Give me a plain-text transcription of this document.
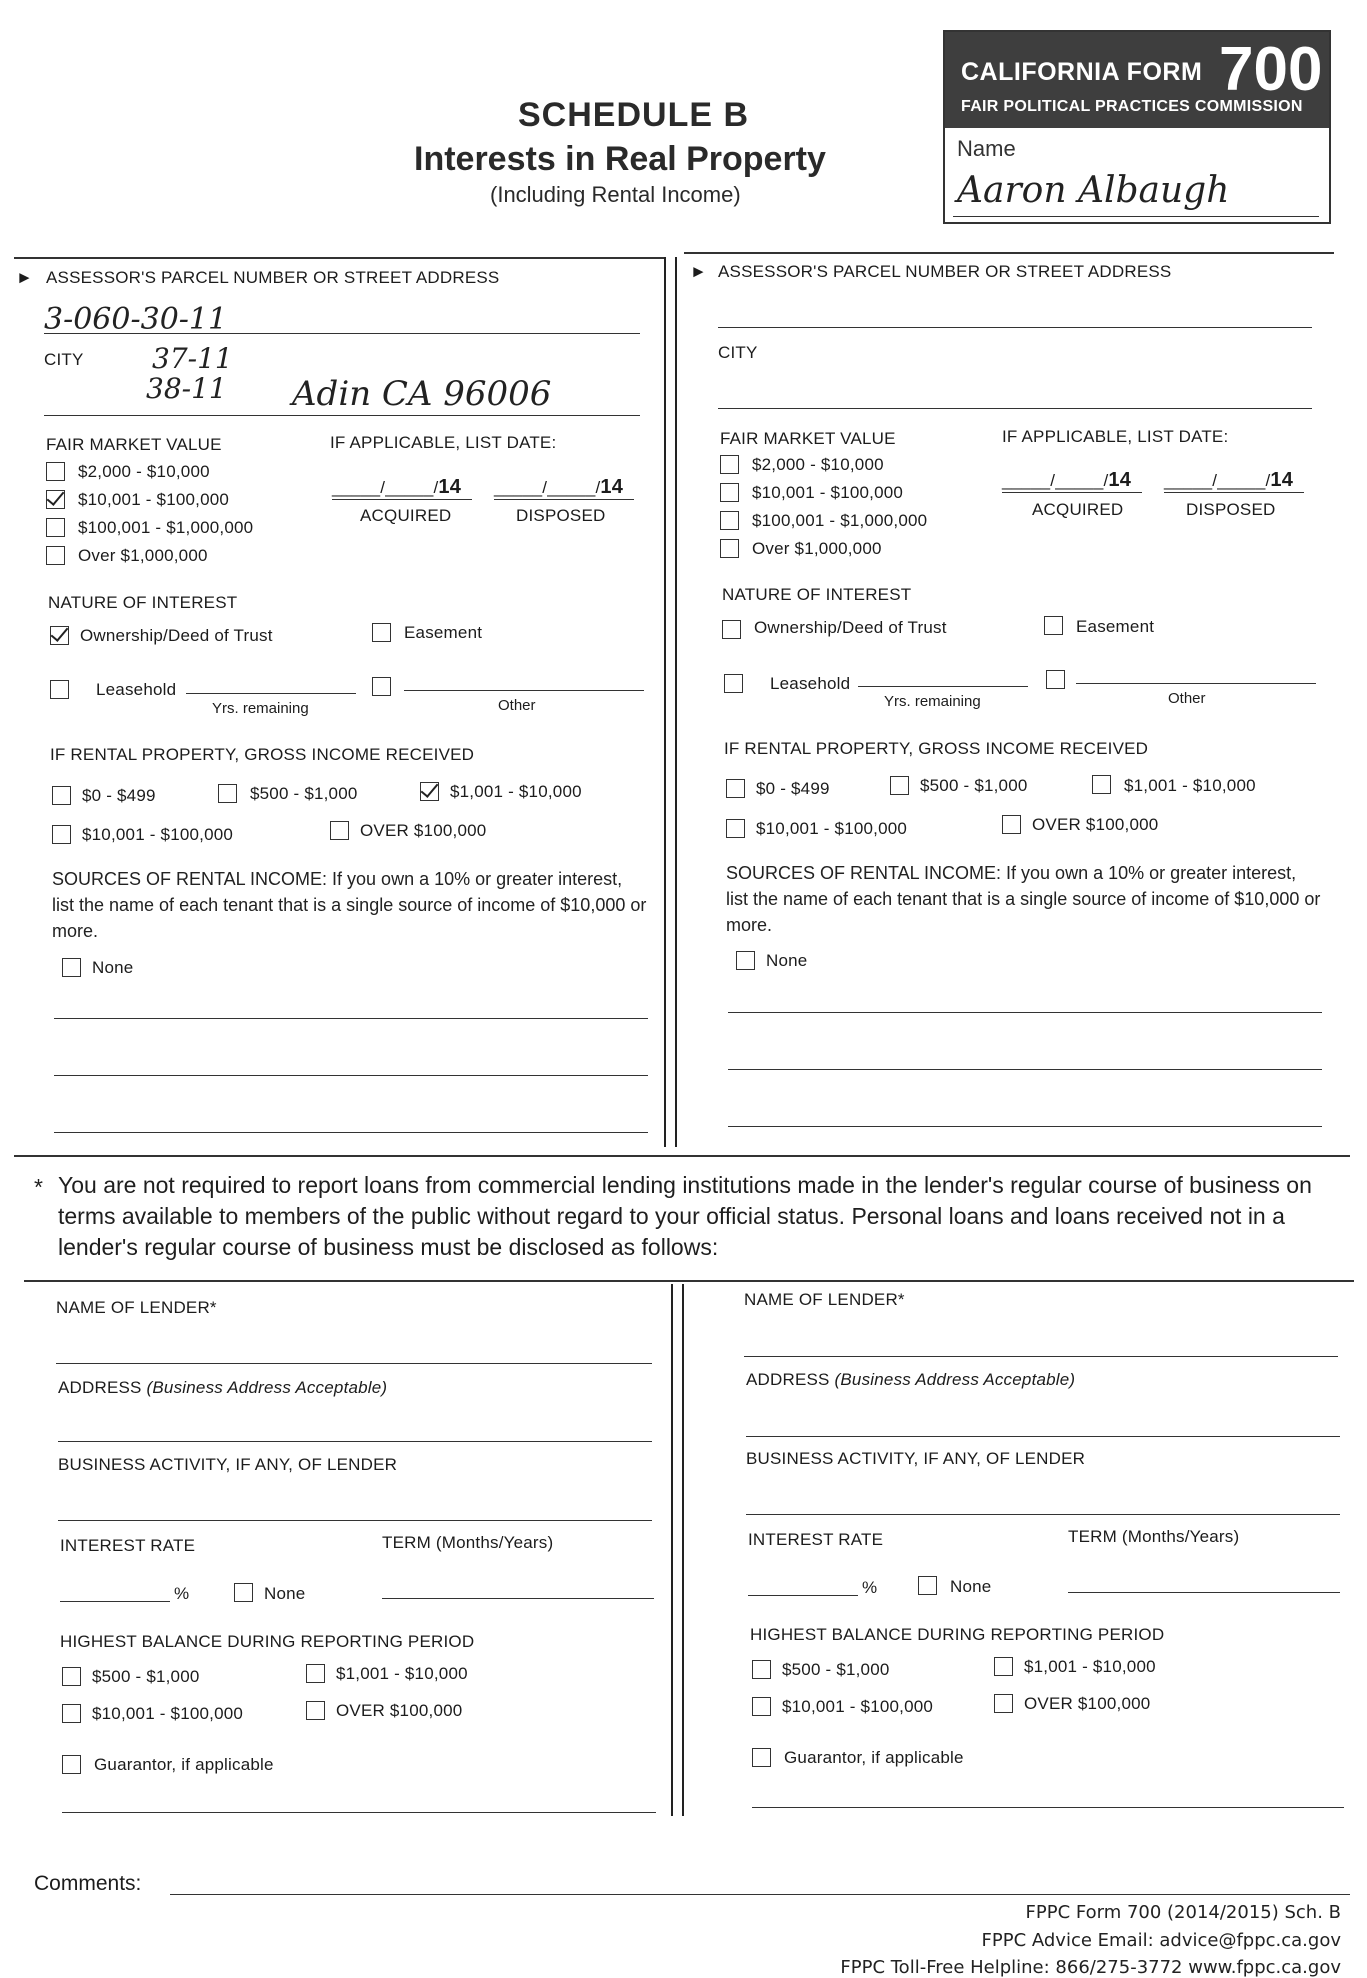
SCHEDULE B
Interests in Real Property
(Including Rental Income)
CALIFORNIA FORM 700
FAIR POLITICAL PRACTICES COMMISSION
Name
Aaron Albaugh
► ASSESSOR'S PARCEL NUMBER OR STREET ADDRESS
3-060-30-11
CITY 37-11
38-11 Adin CA 96006
FAIR MARKET VALUE	IF APPLICABLE, LIST DATE:
$2,000 - $10,000
$10,001 - $100,000
$100,001 - $1,000,000
Over $1,000,000
_____/_____/14
ACQUIRED
_____/_____/14
DISPOSED
NATURE OF INTEREST
Ownership/Deed of Trust	Easement
Leasehold
Yrs. remaining	Other
IF RENTAL PROPERTY, GROSS INCOME RECEIVED
$0 - $499	$500 - $1,000	$1,001 - $10,000
$10,001 - $100,000	OVER $100,000
SOURCES OF RENTAL INCOME: If you own a 10% or greater interest, list the name of each tenant that is a single source of income of $10,000 or more.
None
► ASSESSOR'S PARCEL NUMBER OR STREET ADDRESS
CITY
FAIR MARKET VALUE	IF APPLICABLE, LIST DATE:
$2,000 - $10,000
$10,001 - $100,000
$100,001 - $1,000,000
Over $1,000,000
_____/_____/14
ACQUIRED
_____/_____/14
DISPOSED
NATURE OF INTEREST
Ownership/Deed of Trust	Easement
Leasehold
Yrs. remaining	Other
IF RENTAL PROPERTY, GROSS INCOME RECEIVED
$0 - $499	$500 - $1,000	$1,001 - $10,000
$10,001 - $100,000	OVER $100,000
SOURCES OF RENTAL INCOME: If you own a 10% or greater interest, list the name of each tenant that is a single source of income of $10,000 or more.
None
* You are not required to report loans from commercial lending institutions made in the lender's regular course of business on terms available to members of the public without regard to your official status. Personal loans and loans received not in a lender's regular course of business must be disclosed as follows:
NAME OF LENDER*
ADDRESS (Business Address Acceptable)
BUSINESS ACTIVITY, IF ANY, OF LENDER
INTEREST RATE	TERM (Months/Years)
%	None
HIGHEST BALANCE DURING REPORTING PERIOD
$500 - $1,000	$1,001 - $10,000
$10,001 - $100,000	OVER $100,000
Guarantor, if applicable
NAME OF LENDER*
ADDRESS (Business Address Acceptable)
BUSINESS ACTIVITY, IF ANY, OF LENDER
INTEREST RATE	TERM (Months/Years)
%	None
HIGHEST BALANCE DURING REPORTING PERIOD
$500 - $1,000	$1,001 - $10,000
$10,001 - $100,000	OVER $100,000
Guarantor, if applicable
Comments:
FPPC Form 700 (2014/2015) Sch. B
FPPC Advice Email: advice@fppc.ca.gov
FPPC Toll-Free Helpline: 866/275-3772 www.fppc.ca.gov
